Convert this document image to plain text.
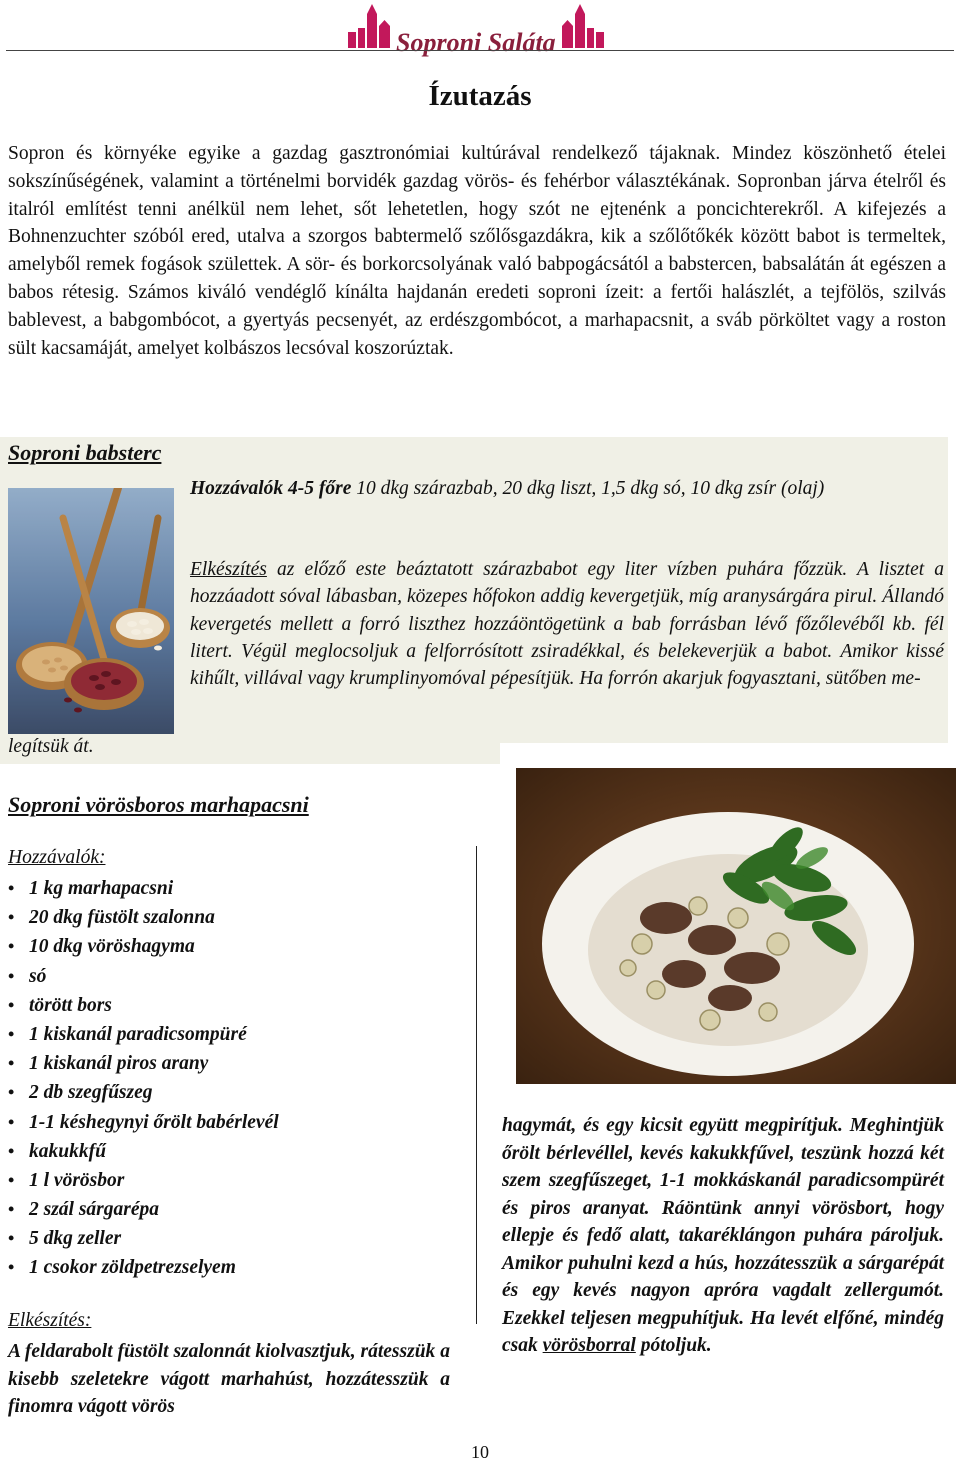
Soproni Saláta
Ízutazás

Sopron és környéke egyike a gazdag gasztronómiai kultúrával rendelkező tájaknak. Mindez köszönhető ételei sokszínűségének, valamint a történelmi borvidék gazdag vörös- és fehérbor választékának. Sopronban járva ételről és italról említést tenni anélkül nem lehet, sőt lehetetlen, hogy szót ne ejtenénk a poncichterekről. A kifejezés a Bohnenzuchter szóból ered, utalva a szorgos babtermelő szőlősgazdákra, kik a szőlőtőkék között babot is termeltek, amelyből remek fogások születtek. A sör- és borkorcsolyának való babpogácsától a babstercen, babsalátán át egészen a babos rétesig. Számos kiváló vendéglő kínálta hajdanán eredeti soproni ízeit: a fertői halászlét, a tejfölös, szilvás bablevest, a babgombócot, a gyertyás pecsenyét, az erdészgombócot, a marhapacsnit, a sváb pörköltet vagy a roston sült kacsamáját, amelyet kolbászos lecsóval koszorúztak.

Soproni babsterc

Hozzávalók 4-5 főre 10 dkg szárazbab, 20 dkg liszt, 1,5 dkg só, 10 dkg zsír (olaj)

Elkészítés az előző este beáztatott szárazbabot egy liter vízben puhára főzzük. A lisztet a hozzáadott sóval lábasban, közepes hőfokon addig kevergetjük, míg aranysárgára pirul. Állandó kevergetés mellett a forró liszthez hozzáöntögetünk a bab forrásban lévő főzőlevéből kb. fél litert. Végül meglocsoljuk a felforrósított zsiradékkal, és belekeverjük a babot. Amikor kissé kihűlt, villával vagy krumplinyomóval pépesítjük. Ha forrón akarjuk fogyasztani, sütőben me-

legítsük át.

Soproni vörösboros marhapacsni
Hozzávalók:
• 1 kg marhapacsni
• 20 dkg füstölt szalonna
• 10 dkg vöröshagyma
• só
• törött bors
• 1 kiskanál paradicsompüré
• 1 kiskanál piros arany
• 2 db szegfűszeg
• 1-1 késhegynyi őrölt babérlevél
• kakukkfű
• 1 l vörösbor
• 2 szál sárgarépa
• 5 dkg zeller
• 1 csokor zöldpetrezselyem
Elkészítés:

A feldarabolt füstölt szalonnát kiolvasztjuk, rátesszük a kisebb szeletekre vágott marhahúst, hozzátesszük a finomra vágott vörös

hagymát, és egy kicsit együtt megpirítjuk. Meghintjük őrölt bérlevéllel, kevés kakukkfűvel, teszünk hozzá két szem szegfűszeget, 1-1 mokkáskanál paradicsompürét és piros aranyat. Ráöntünk annyi vörösbort, hogy ellepje és fedő alatt, takaréklángon puhára pároljuk. Amikor puhulni kezd a hús, hozzátesszük a sárgarépát és egy kevés nagyon apróra vagdalt zellergumót. Ezekkel teljesen megpuhítjuk. Ha levét elfőné, mindég csak vörösborral pótoljuk.

10
